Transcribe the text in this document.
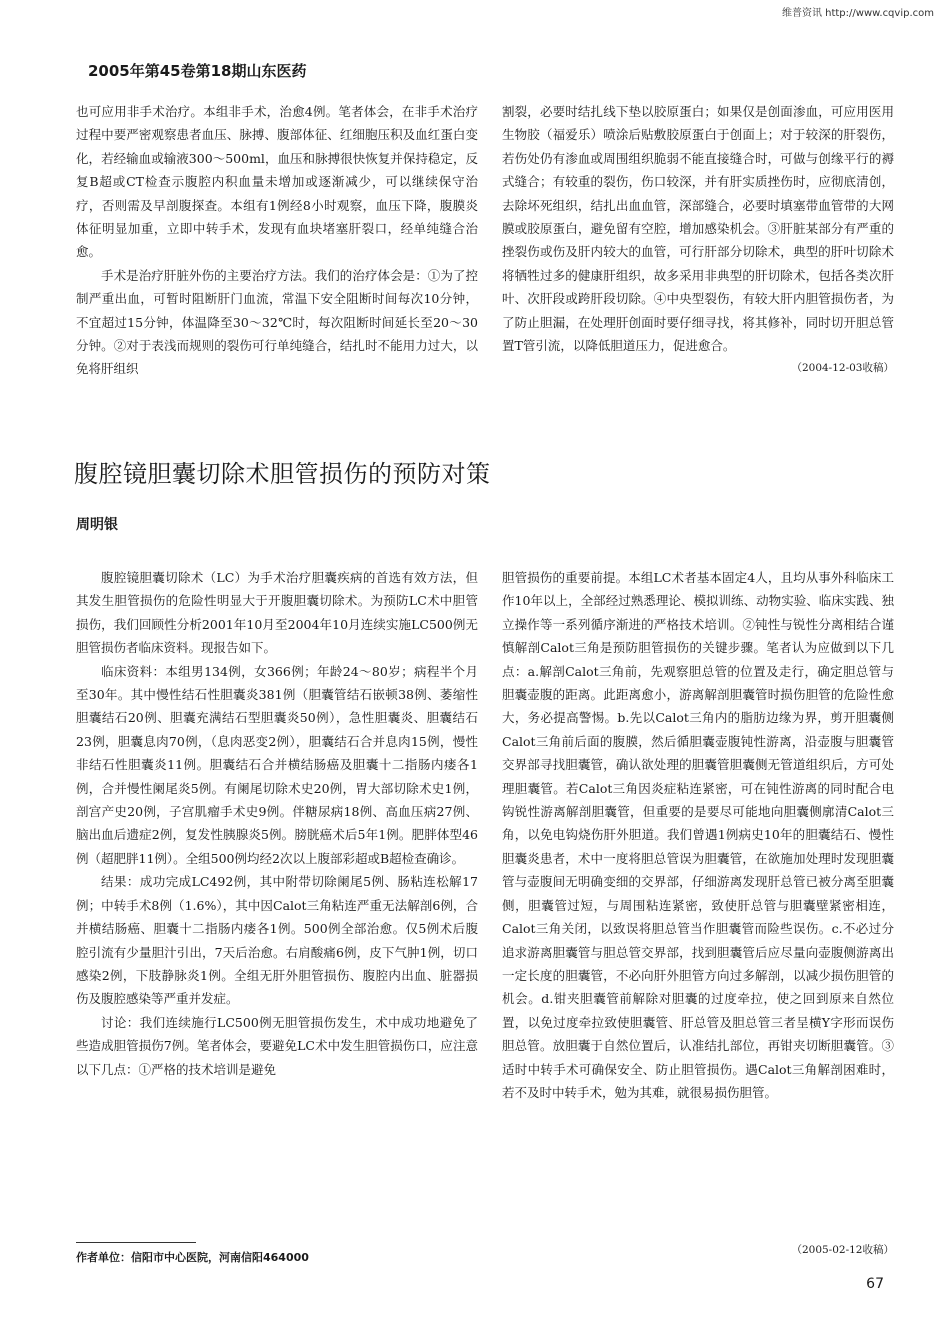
维普资讯 http://www.cqvip.com
2005年第45卷第18期山东医药

也可应用非手术治疗。本组非手术，治愈4例。笔者体会，在非手术治疗过程中要严密观察患者血压、脉搏、腹部体征、红细胞压积及血红蛋白变化，若经输血或输液300～500ml，血压和脉搏很快恢复并保持稳定，反复B超或CT检查示腹腔内积血量未增加或逐渐减少，可以继续保守治疗，否则需及早剖腹探查。本组有1例经8小时观察，血压下降，腹膜炎体征明显加重，立即中转手术，发现有血块堵塞肝裂口，经单纯缝合治愈。

手术是治疗肝脏外伤的主要治疗方法。我们的治疗体会是：①为了控制严重出血，可暂时阻断肝门血流，常温下安全阻断时间每次10分钟，不宜超过15分钟，体温降至30～32℃时，每次阻断时间延长至20～30分钟。②对于表浅而规则的裂伤可行单纯缝合，结扎时不能用力过大，以免将肝组织

割裂，必要时结扎线下垫以胶原蛋白；如果仅是创面渗血，可应用医用生物胶（福爱乐）喷涂后贴敷胶原蛋白于创面上；对于较深的肝裂伤，若伤处仍有渗血或周围组织脆弱不能直接缝合时，可做与创缘平行的褥式缝合；有较重的裂伤，伤口较深，并有肝实质挫伤时，应彻底清创，去除坏死组织，结扎出血血管，深部缝合，必要时填塞带血管带的大网膜或胶原蛋白，避免留有空腔，增加感染机会。③肝脏某部分有严重的挫裂伤或伤及肝内较大的血管，可行肝部分切除术，典型的肝叶切除术将牺牲过多的健康肝组织，故多采用非典型的肝切除术，包括各类次肝叶、次肝段或跨肝段切除。④中央型裂伤，有较大肝内胆管损伤者，为了防止胆漏，在处理肝创面时要仔细寻找，将其修补，同时切开胆总管置T管引流，以降低胆道压力，促进愈合。

（2004-12-03收稿）
腹腔镜胆囊切除术胆管损伤的预防对策
周明银

腹腔镜胆囊切除术（LC）为手术治疗胆囊疾病的首选有效方法，但其发生胆管损伤的危险性明显大于开腹胆囊切除术。为预防LC术中胆管损伤，我们回顾性分析2001年10月至2004年10月连续实施LC500例无胆管损伤者临床资料。现报告如下。

临床资料：本组男134例，女366例；年龄24～80岁；病程半个月至30年。其中慢性结石性胆囊炎381例（胆囊管结石嵌顿38例、萎缩性胆囊结石20例、胆囊充满结石型胆囊炎50例），急性胆囊炎、胆囊结石23例，胆囊息肉70例，（息肉恶变2例），胆囊结石合并息肉15例，慢性非结石性胆囊炎11例。胆囊结石合并横结肠癌及胆囊十二指肠内瘘各1例，合并慢性阑尾炎5例。有阑尾切除术史20例，胃大部切除术史1例，剖宫产史20例，子宫肌瘤手术史9例。伴糖尿病18例、高血压病27例、脑出血后遗症2例，复发性胰腺炎5例。膀胱癌术后5年1例。肥胖体型46例（超肥胖11例）。全组500例均经2次以上腹部彩超或B超检查确诊。

结果：成功完成LC492例，其中附带切除阑尾5例、肠粘连松解17例；中转手术8例（1.6%），其中因Calot三角粘连严重无法解剖6例，合并横结肠癌、胆囊十二指肠内瘘各1例。500例全部治愈。仅5例术后腹腔引流有少量胆汁引出，7天后治愈。右肩酸痛6例，皮下气肿1例，切口感染2例，下肢静脉炎1例。全组无肝外胆管损伤、腹腔内出血、脏器损伤及腹腔感染等严重并发症。

讨论：我们连续施行LC500例无胆管损伤发生，术中成功地避免了些造成胆管损伤7例。笔者体会，要避免LC术中发生胆管损伤口，应注意以下几点：①严格的技术培训是避免

胆管损伤的重要前提。本组LC术者基本固定4人，且均从事外科临床工作10年以上，全部经过熟悉理论、模拟训练、动物实验、临床实践、独立操作等一系列循序渐进的严格技术培训。②钝性与锐性分离相结合谨慎解剖Calot三角是预防胆管损伤的关键步骤。笔者认为应做到以下几点：a.解剖Calot三角前，先观察胆总管的位置及走行，确定胆总管与胆囊壶腹的距离。此距离愈小，游离解剖胆囊管时损伤胆管的危险性愈大，务必提高警惕。b.先以Calot三角内的脂肪边缘为界，剪开胆囊侧Calot三角前后面的腹膜，然后循胆囊壶腹钝性游离，沿壶腹与胆囊管交界部寻找胆囊管，确认欲处理的胆囊管胆囊侧无管道组织后，方可处理胆囊管。若Calot三角因炎症粘连紧密，可在钝性游离的同时配合电钩锐性游离解剖胆囊管，但重要的是要尽可能地向胆囊侧廓清Calot三角，以免电钩烧伤肝外胆道。我们曾遇1例病史10年的胆囊结石、慢性胆囊炎患者，术中一度将胆总管误为胆囊管，在欲施加处理时发现胆囊管与壶腹间无明确变细的交界部，仔细游离发现肝总管已被分离至胆囊侧，胆囊管过短，与周围粘连紧密，致使肝总管与胆囊壁紧密相连，Calot三角关闭，以致误将胆总管当作胆囊管而险些误伤。c.不必过分追求游离胆囊管与胆总管交界部，找到胆囊管后应尽量向壶腹侧游离出一定长度的胆囊管，不必向肝外胆管方向过多解剖，以减少损伤胆管的机会。d.钳夹胆囊管前解除对胆囊的过度牵拉，使之回到原来自然位置，以免过度牵拉致使胆囊管、肝总管及胆总管三者呈横Y字形而误伤胆总管。放胆囊于自然位置后，认准结扎部位，再钳夹切断胆囊管。③适时中转手术可确保安全、防止胆管损伤。遇Calot三角解剖困难时，若不及时中转手术，勉为其难，就很易损伤胆管。

（2005-02-12收稿）
作者单位：信阳市中心医院，河南信阳464000
67
